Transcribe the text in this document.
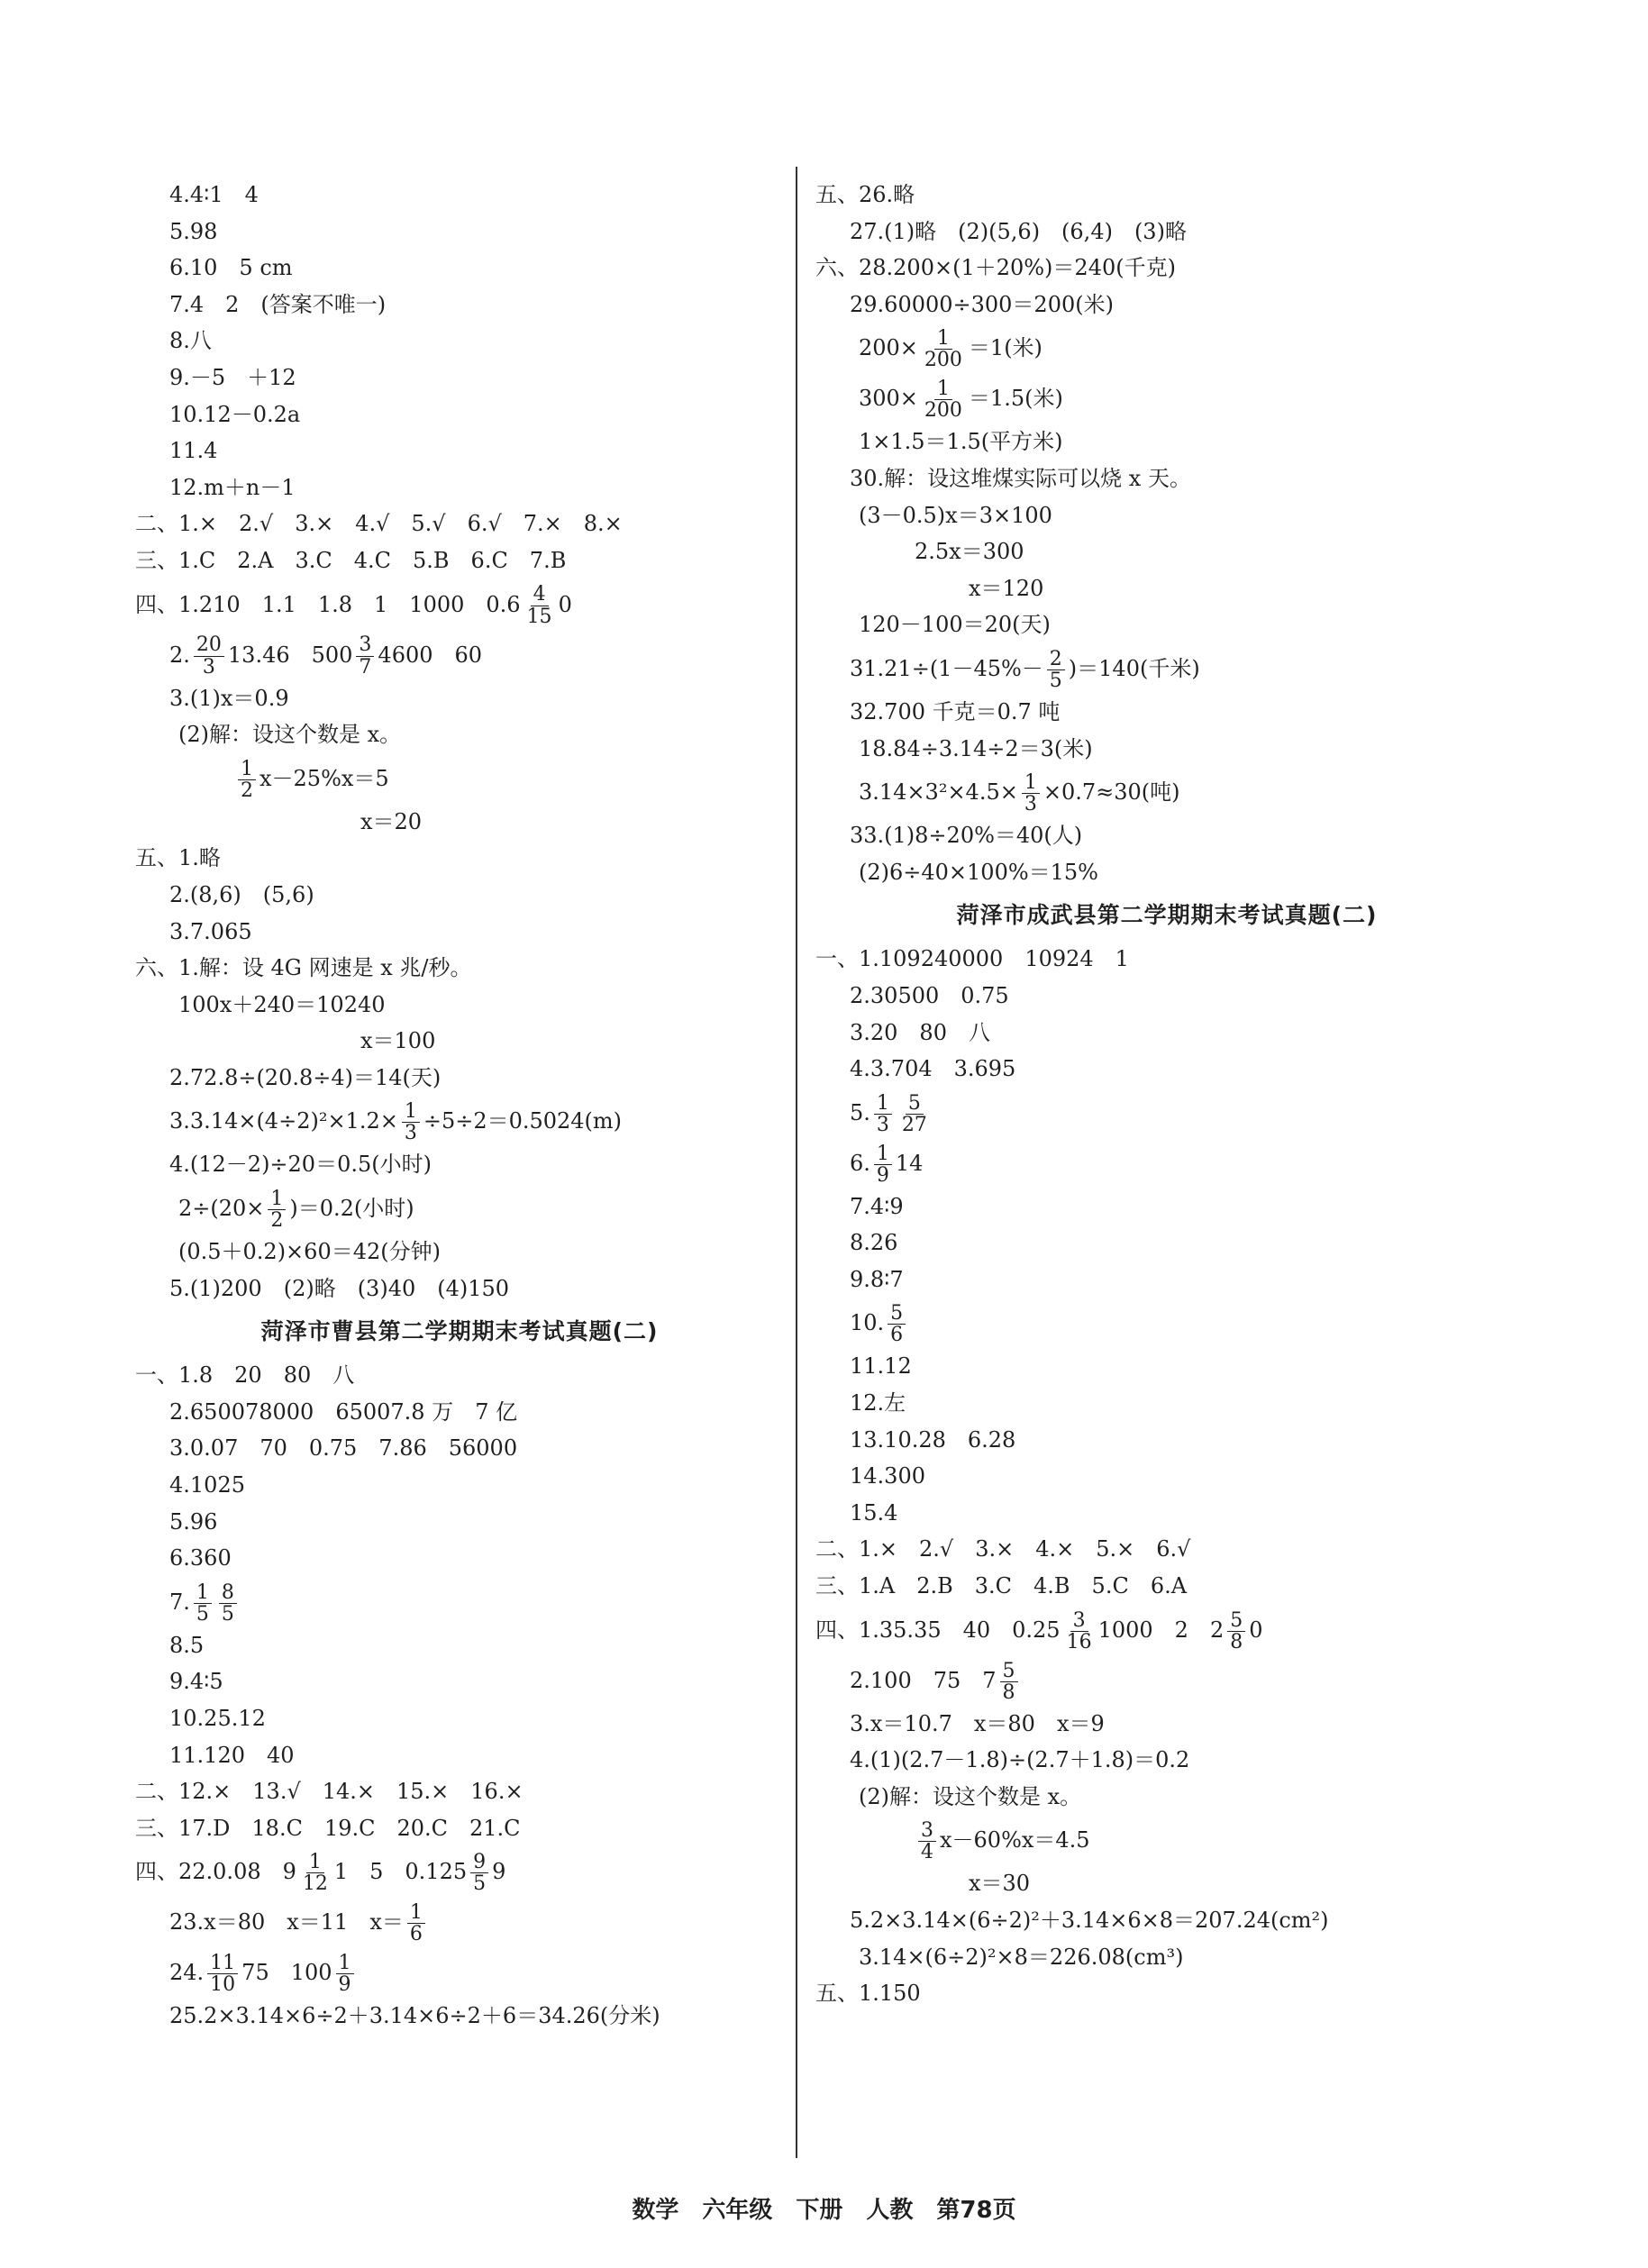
4.4∶1　4
5.98
6.10　5 cm
7.4　2　(答案不唯一)
8.八
9.－5　＋12
10.12－0.2a
11.4
12.m＋n－1
二、1.×　2.√　3.×　4.√　5.√　6.√　7.×　8.×
三、1.C　2.A　3.C　4.C　5.B　6.C　7.B
四、1.210　1.1　1.8　1　1000　$0.6 \frac{4}{15} 0$
2. $\frac{20}{3} 13.46$　$500 \frac{3}{7} 4600$　60
3.(1)x＝0.9
(2)解：设这个数是 x。
$\frac{1}{2} x-25\%x=5$
x＝20
五、1.略
2.(8,6)　(5,6)
3.7.065
六、1.解：设 4G 网速是 x 兆/秒。
100x＋240＝10240
x＝100
2.72.8÷(20.8÷4)＝14(天)
$3.3.14\times(4\div 2)^2\times 1.2\times \frac{1}{3} \div 5\div 2=0.5024(m)$
4.(12－2)÷20＝0.5(小时)
$2\div(20\times \frac{1}{2} )=0.2$(小时)
(0.5＋0.2)×60＝42(分钟)
5.(1)200　(2)略　(3)40　(4)150
菏泽市曹县第二学期期末考试真题(二)
一、1.8　20　80　八
2.650078000　65007.8 万　7 亿
3.0.07　70　0.75　7.86　56000
4.1025
5.96
6.360
7. $\frac{1}{5} \frac{8}{5}$
8.5
9.4∶5
10.25.12
11.120　40
二、12.×　13.√　14.×　15.×　16.×
三、17.D　18.C　19.C　20.C　21.C
四、22.0.08　$9 \frac{1}{12} 1$　5　$0.125 \frac{9}{5} 9$
23.x＝80　x＝11　$x= \frac{1}{6}$
24. $\frac{11}{10} 75$　$100 \frac{1}{9}$
25.2×3.14×6÷2＋3.14×6÷2＋6＝34.26(分米)
五、26.略
27.(1)略　(2)(5,6)　(6,4)　(3)略
六、28.200×(1＋20%)＝240(千克)
29.60000÷300＝200(米)
$200\times \frac{1}{200} =1$(米)
$300\times \frac{1}{200} =1.5$(米)
1×1.5＝1.5(平方米)
30.解：设这堆煤实际可以烧 x 天。
(3－0.5)x＝3×100
2.5x＝300
x＝120
120－100＝20(天)
$31.21\div(1-45\%- \frac{2}{5} )=140$(千米)
32.700 千克＝0.7 吨
18.84÷3.14÷2＝3(米)
$3.14\times 3^2\times 4.5\times \frac{1}{3} \times 0.7\approx 30$(吨)
33.(1)8÷20%＝40(人)
(2)6÷40×100%＝15%
菏泽市成武县第二学期期末考试真题(二)
一、1.109240000　10924　1
2.30500　0.75
3.20　80　八
4.3.704　3.695
5. $\frac{1}{3} \frac{5}{27}$
6. $\frac{1}{9} 14$
7.4∶9
8.26
9.8∶7
10. $\frac{5}{6}$
11.12
12.左
13.10.28　6.28
14.300
15.4
二、1.×　2.√　3.×　4.×　5.×　6.√
三、1.A　2.B　3.C　4.B　5.C　6.A
四、1.35.35　40　$0.25 \frac{3}{16} 1000$　2　$2 \frac{5}{8} 0$
2.100　75　$7 \frac{5}{8}$
3.x＝10.7　x＝80　x＝9
4.(1)(2.7－1.8)÷(2.7＋1.8)＝0.2
(2)解：设这个数是 x。
$\frac{3}{4} x-60\%x=4.5$
x＝30
5.2×3.14×(6÷2)²＋3.14×6×8＝207.24(cm²)
3.14×(6÷2)²×8＝226.08(cm³)
五、1.150
数学　六年级　下册　人教　第78页
